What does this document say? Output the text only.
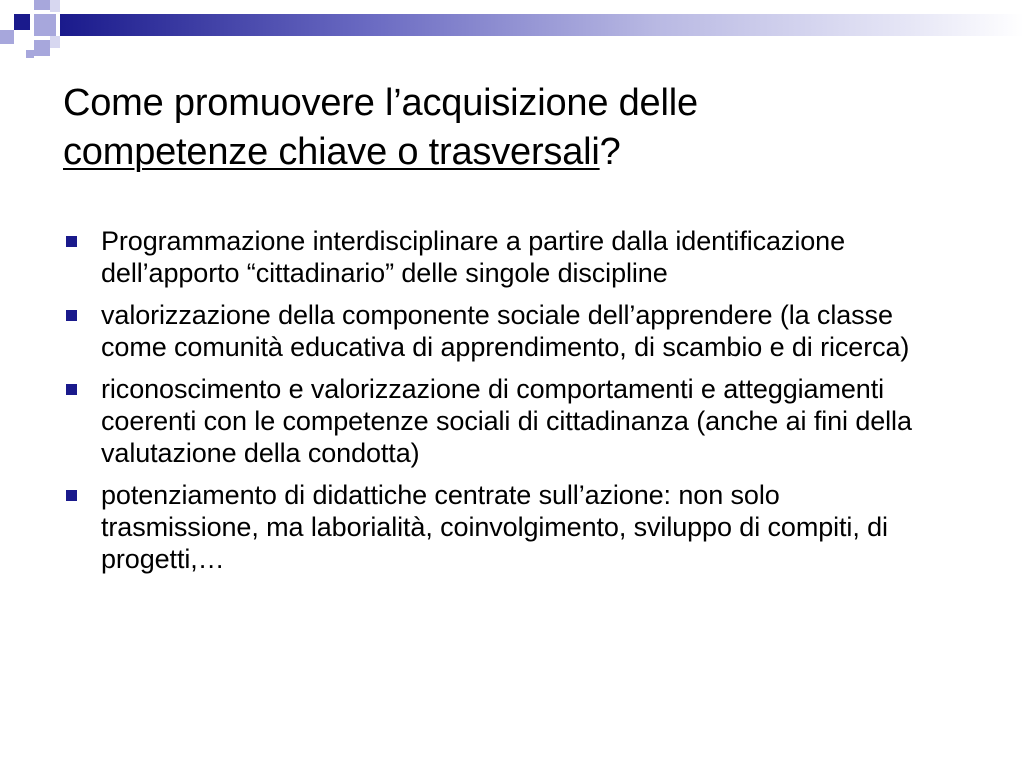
Come promuovere l’acquisizione delle
competenze chiave o trasversali?
Programmazione interdisciplinare a partire dalla identificazione dell’apporto “cittadinario” delle singole discipline
valorizzazione della componente sociale dell’apprendere (la classe come comunità educativa di apprendimento, di scambio e di ricerca)
riconoscimento e valorizzazione di comportamenti e atteggiamenti coerenti con le competenze sociali di cittadinanza (anche ai fini della valutazione della condotta)
potenziamento di didattiche centrate sull’azione: non solo trasmissione, ma laborialità, coinvolgimento, sviluppo di compiti, di progetti,…
